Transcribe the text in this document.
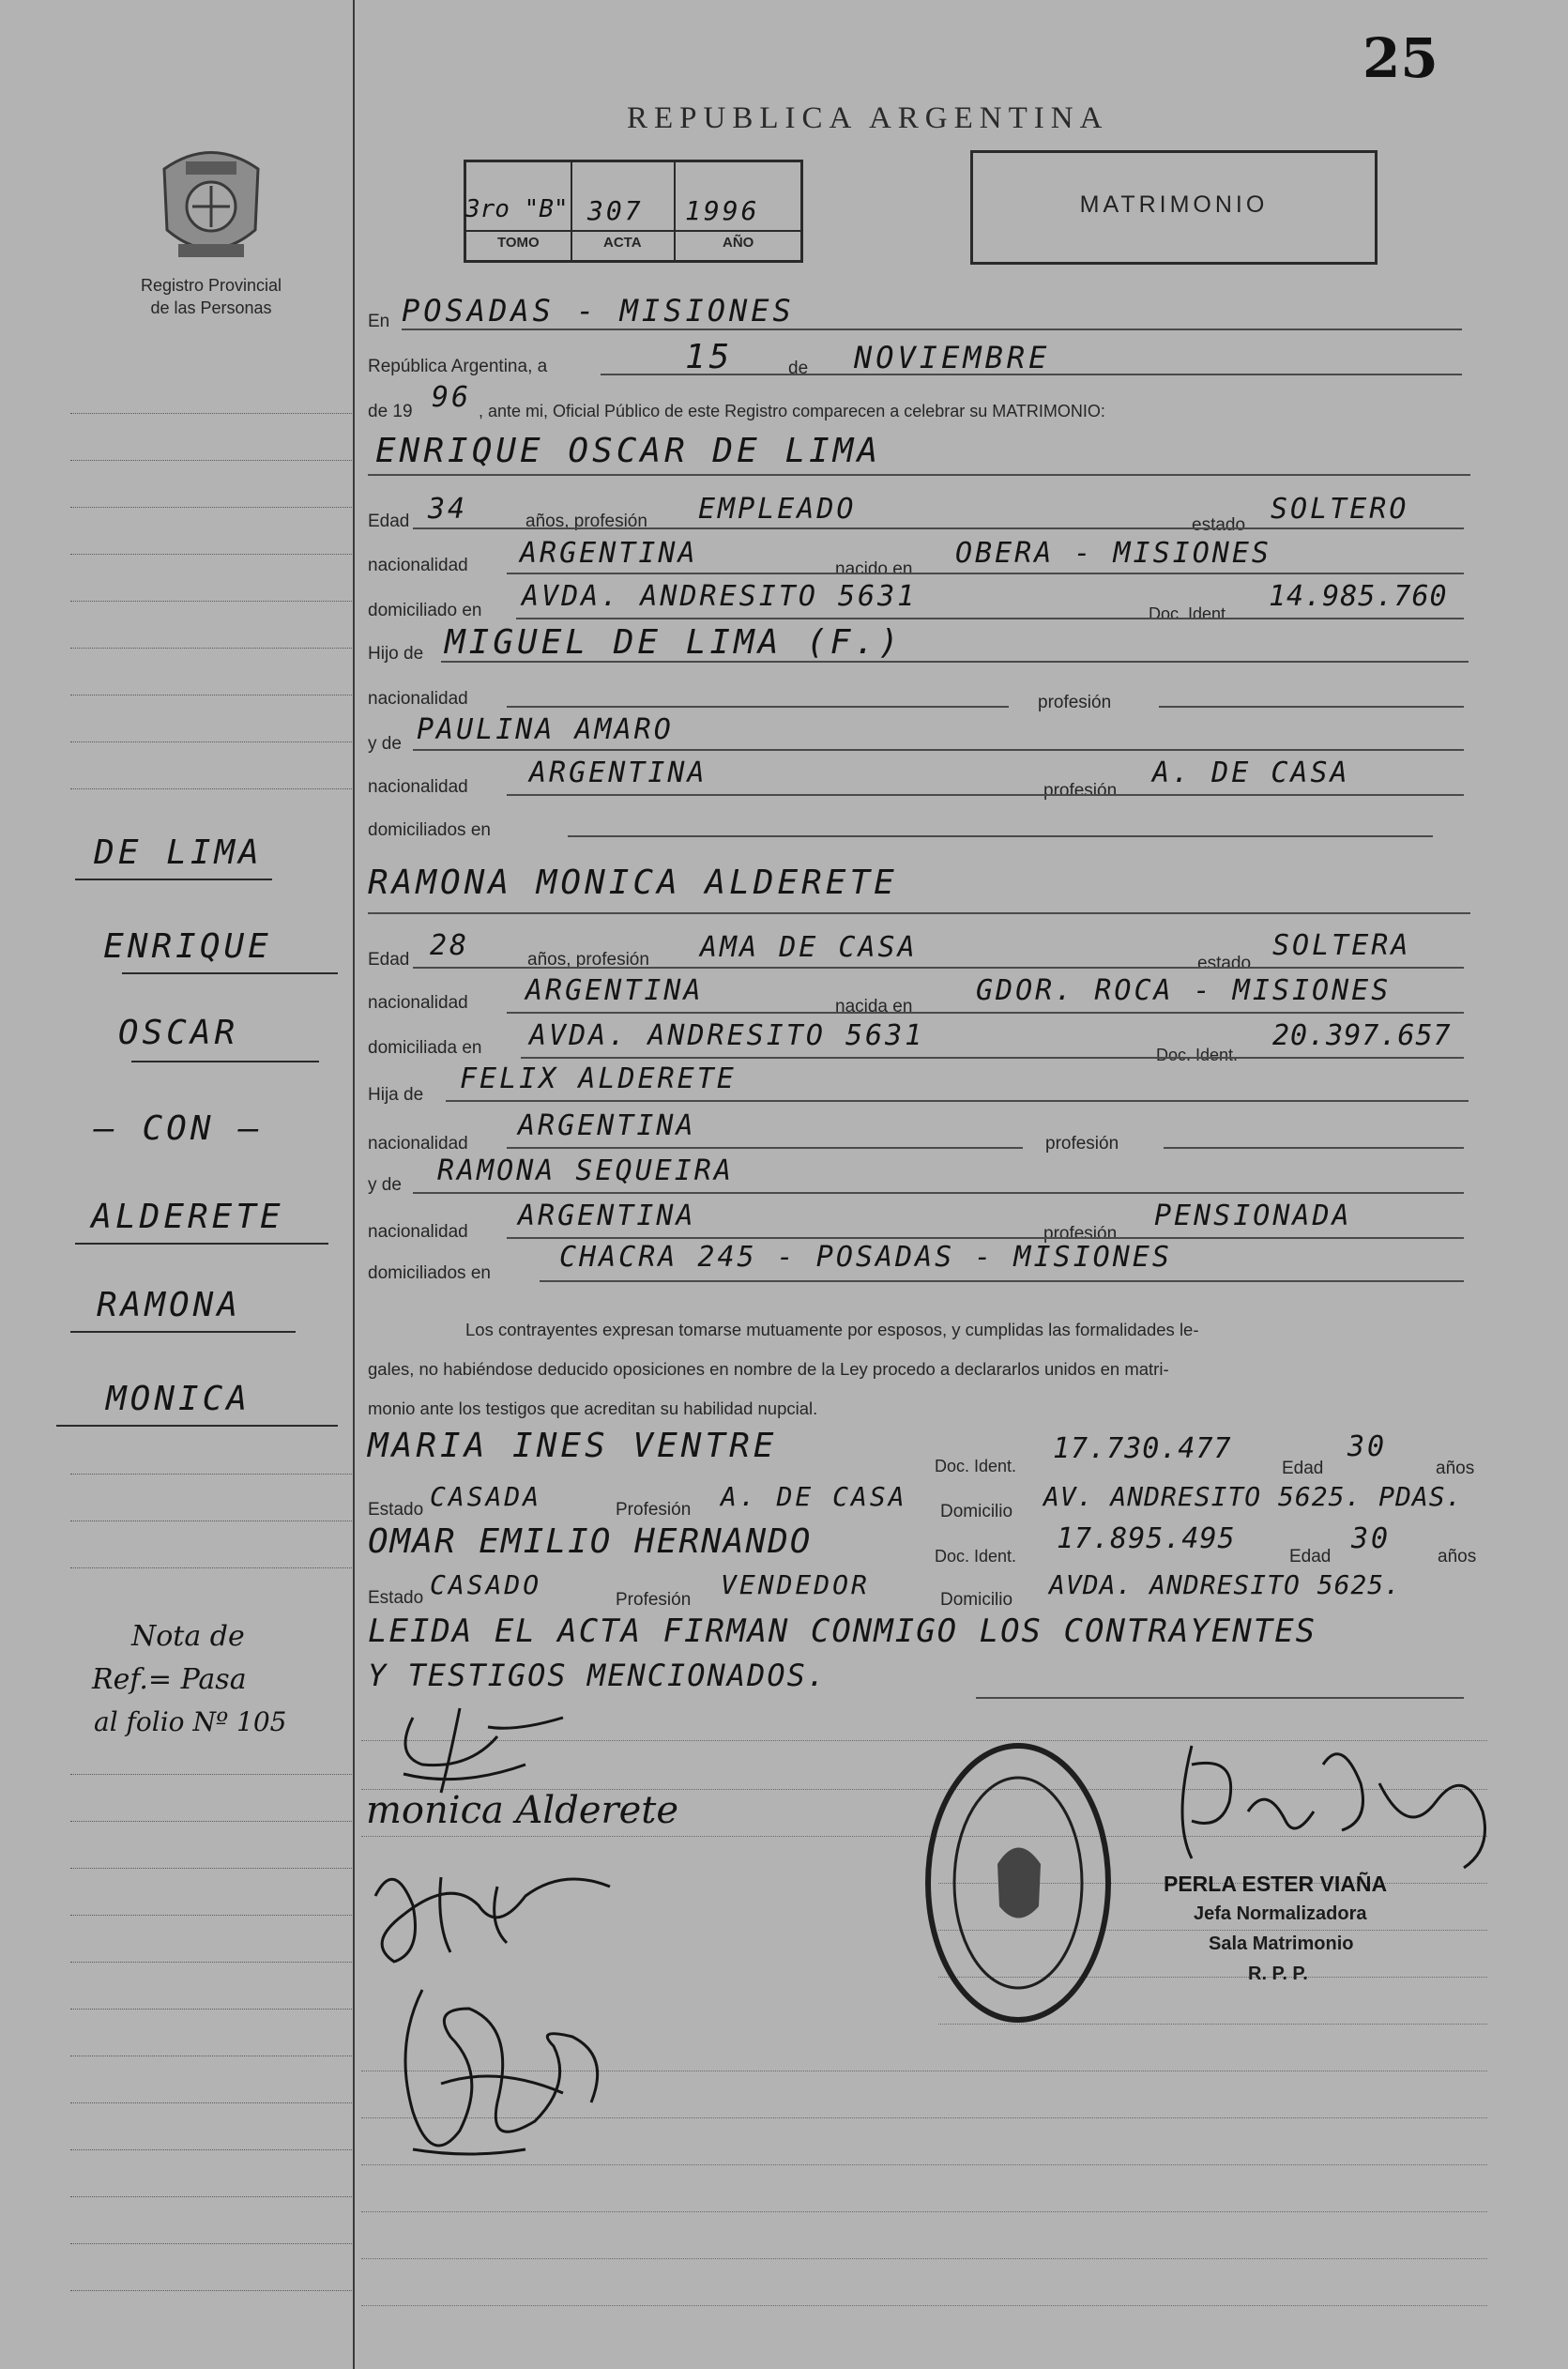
25
REPUBLICA ARGENTINA
Registro Provincial
de las Personas
3ro "B" 307 1996
TOMO	ACTA	AÑO
MATRIMONIO
En POSADAS - MISIONES
República Argentina, a	15	de NOVIEMBRE
de 19 96 , ante mi, Oficial Público de este Registro comparecen a celebrar su MATRIMONIO:
ENRIQUE OSCAR DE LIMA
Edad 34	años, profesión EMPLEADO	estado SOLTERO
nacionalidad ARGENTINA	nacido en OBERA - MISIONES
domiciliado en AVDA. ANDRESITO 5631
Doc. Ident.
14.985.760
Hijo de MIGUEL DE LIMA (F.)
nacionalidad	profesión
y de PAULINA AMARO
nacionalidad ARGENTINA
profesión
A. DE CASA
domiciliados en
RAMONA MONICA ALDERETE
Edad 28	años, profesión AMA DE CASA	estado
SOLTERA
nacionalidad ARGENTINA	nacida en GDOR. ROCA - MISIONES
domiciliada en AVDA. ANDRESITO 5631
Doc. Ident.
20.397.657
Hija de FELIX ALDERETE
nacionalidad
ARGENTINA
profesión
y de RAMONA SEQUEIRA
nacionalidad ARGENTINA
profesión
PENSIONADA
domiciliados en CHACRA 245 - POSADAS - MISIONES
Los contrayentes expresan tomarse mutuamente por esposos, y cumplidas las formalidades le-
gales, no habiéndose deducido oposiciones en nombre de la Ley procedo a declararlos unidos en matri-
monio ante los testigos que acreditan su habilidad nupcial.
MARIA INES VENTRE
Doc. Ident.
17.730.477
Edad
30
años
Estado CASADA	Profesión A. DE CASA Domicilio AV. ANDRESITO 5625. PDAS.
OMAR EMILIO HERNANDO	Doc. Ident.
17.895.495
Edad
30
años
Estado CASADO	Profesión VENDEDOR	Domicilio AVDA. ANDRESITO 5625.
LEIDA EL ACTA FIRMAN CONMIGO LOS CONTRAYENTES
Y TESTIGOS MENCIONADOS.
DE LIMA
ENRIQUE
OSCAR
— CON —
ALDERETE
RAMONA
MONICA
Nota de
Ref.= Pasa
al folio Nº 105
monica Alderete
PERLA ESTER VIAÑA
Jefa Normalizadora
Sala Matrimonio
R. P. P.
